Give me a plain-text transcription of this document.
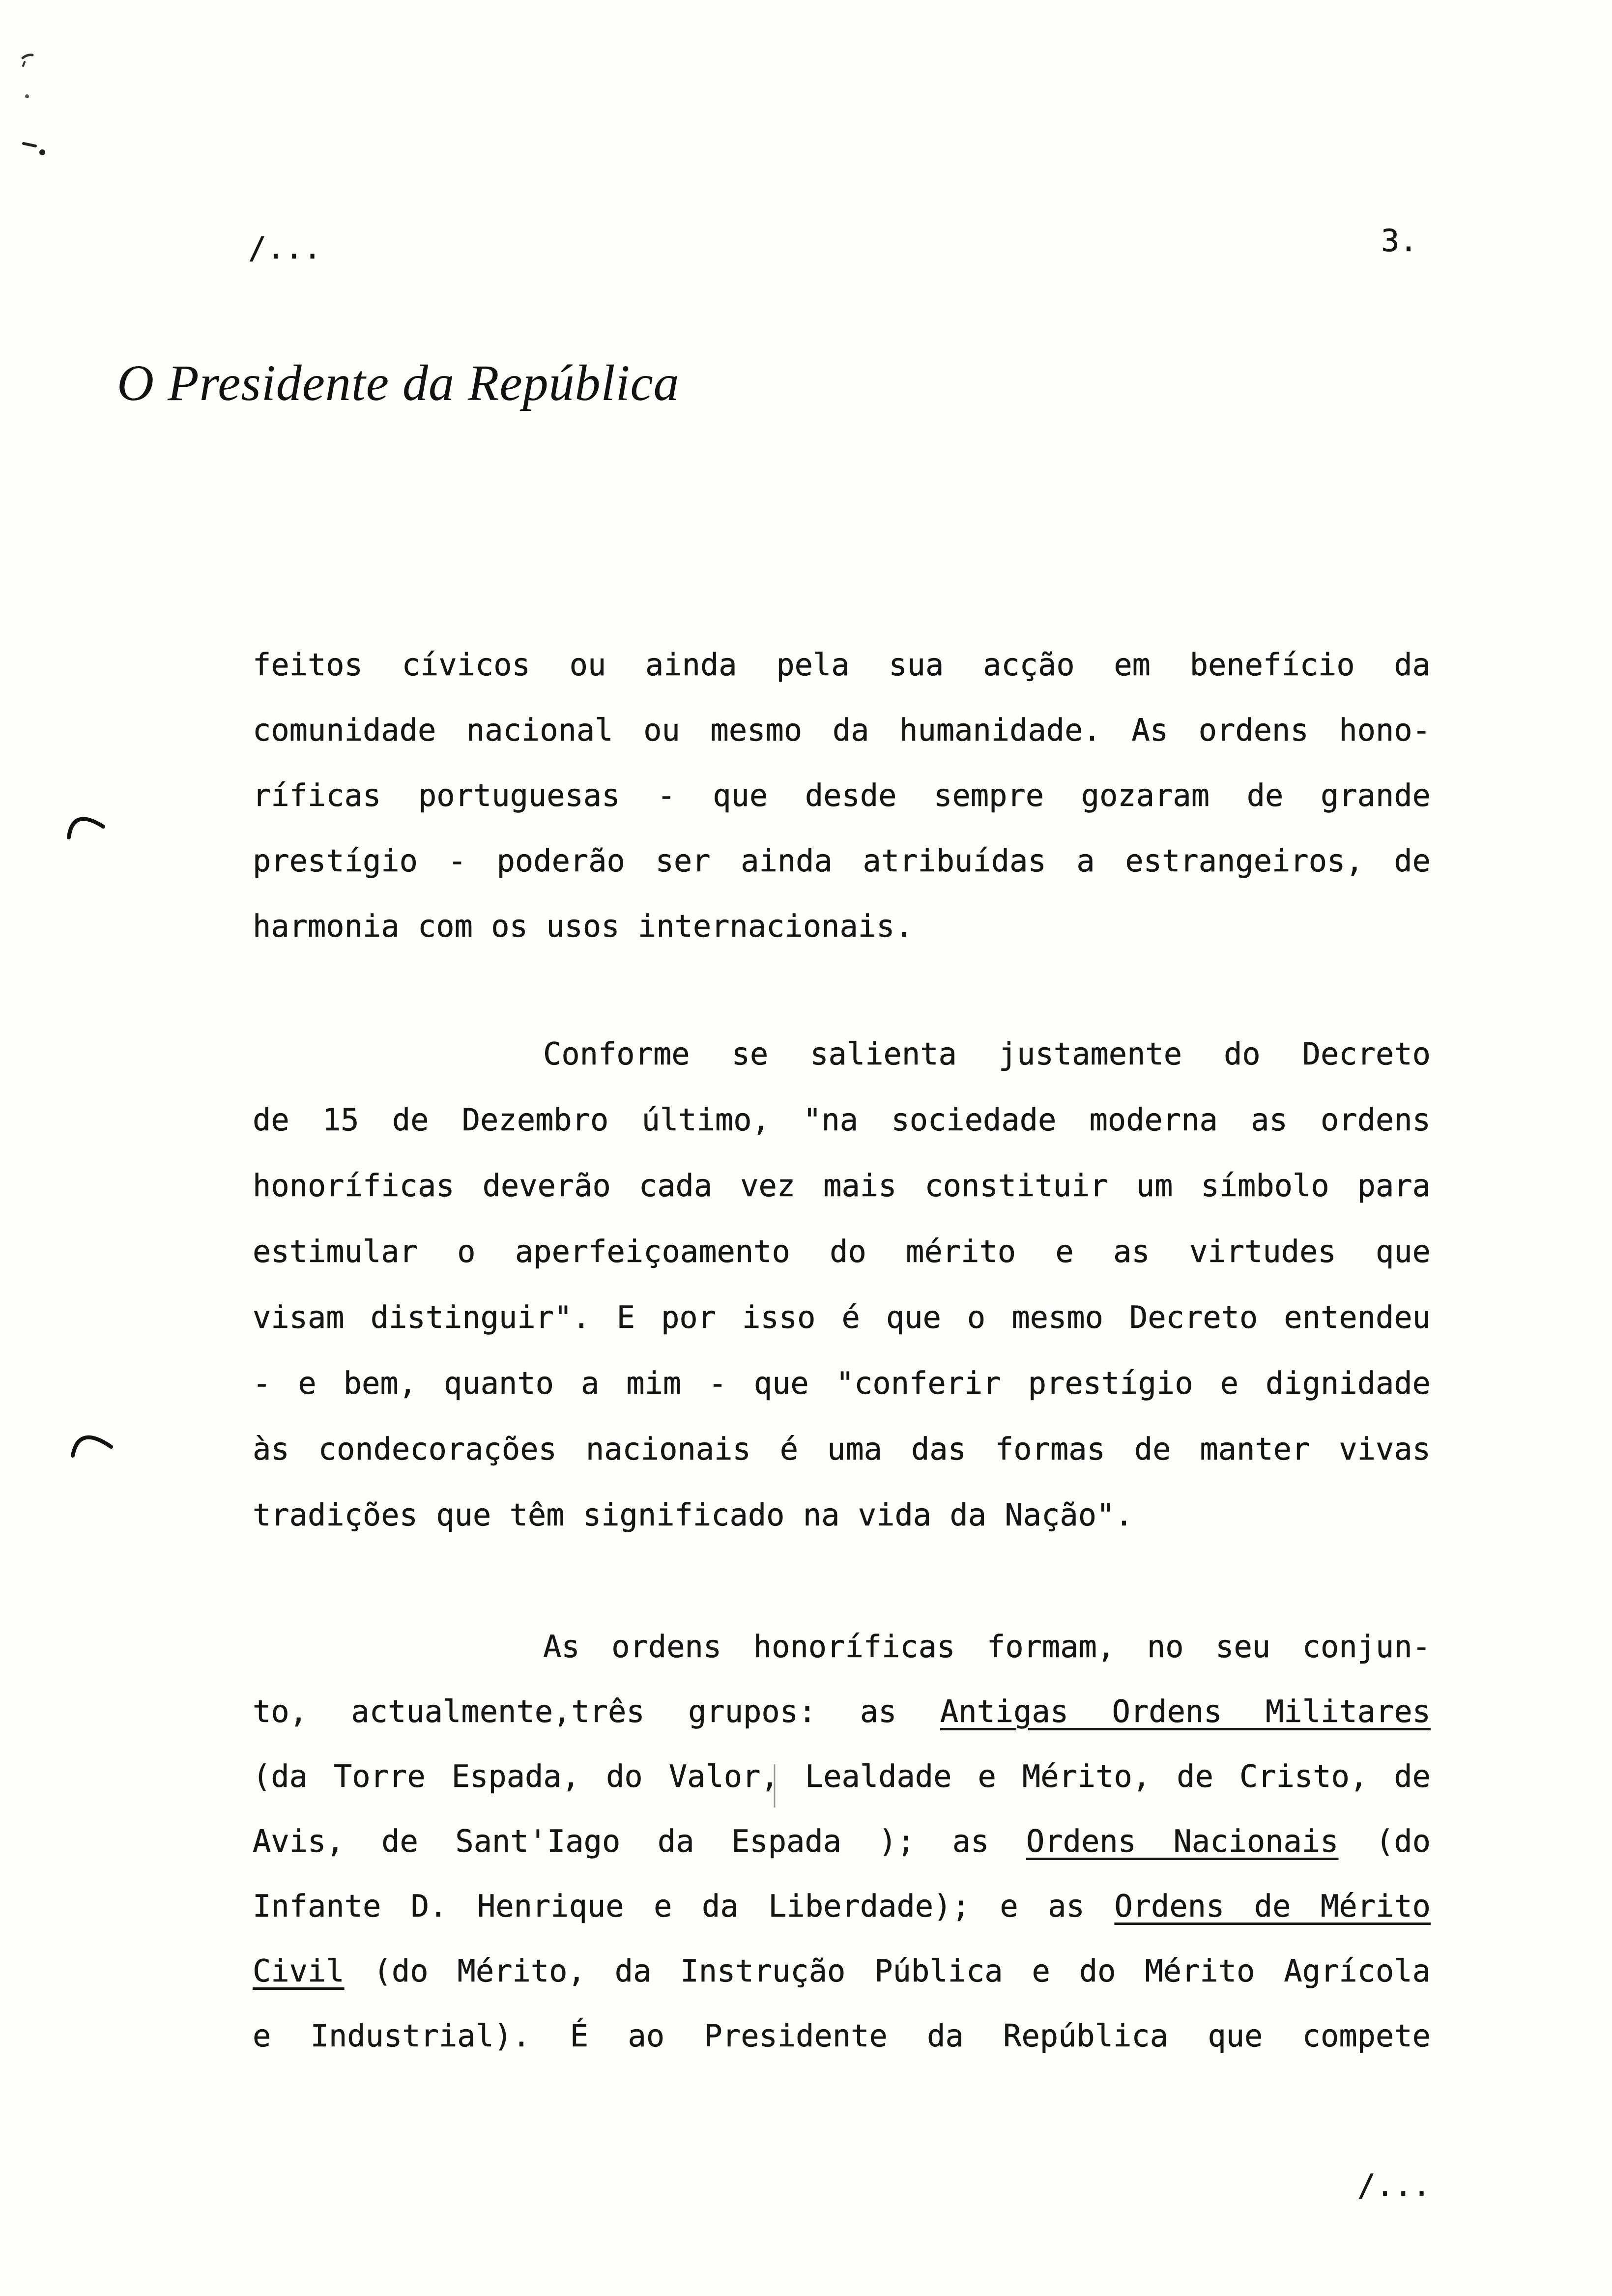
/...	3.
O Presidente da República
feitos cívicos ou ainda pela sua acção em benefício da
comunidade nacional ou mesmo da humanidade. As ordens hono-
ríficas portuguesas - que desde sempre gozaram de grande
prestígio - poderão ser ainda atribuídas a estrangeiros, de
harmonia com os usos internacionais.
Conforme se salienta justamente do Decreto
de 15 de Dezembro último, "na sociedade moderna as ordens
honoríficas deverão cada vez mais constituir um símbolo para
estimular o aperfeiçoamento do mérito e as virtudes que
visam distinguir". E por isso é que o mesmo Decreto entendeu
- e bem, quanto a mim - que "conferir prestígio e dignidade
às condecorações nacionais é uma das formas de manter vivas
tradições que têm significado na vida da Nação".
As ordens honoríficas formam, no seu conjun-
to, actualmente,três grupos: as Antigas Ordens Militares
(da Torre Espada, do Valor, Lealdade e Mérito, de Cristo, de
Avis, de Sant'Iago da Espada ); as Ordens Nacionais (do
Infante D. Henrique e da Liberdade); e as Ordens de Mérito
Civil (do Mérito, da Instrução Pública e do Mérito Agrícola
e Industrial). É ao Presidente da República que compete
/...
